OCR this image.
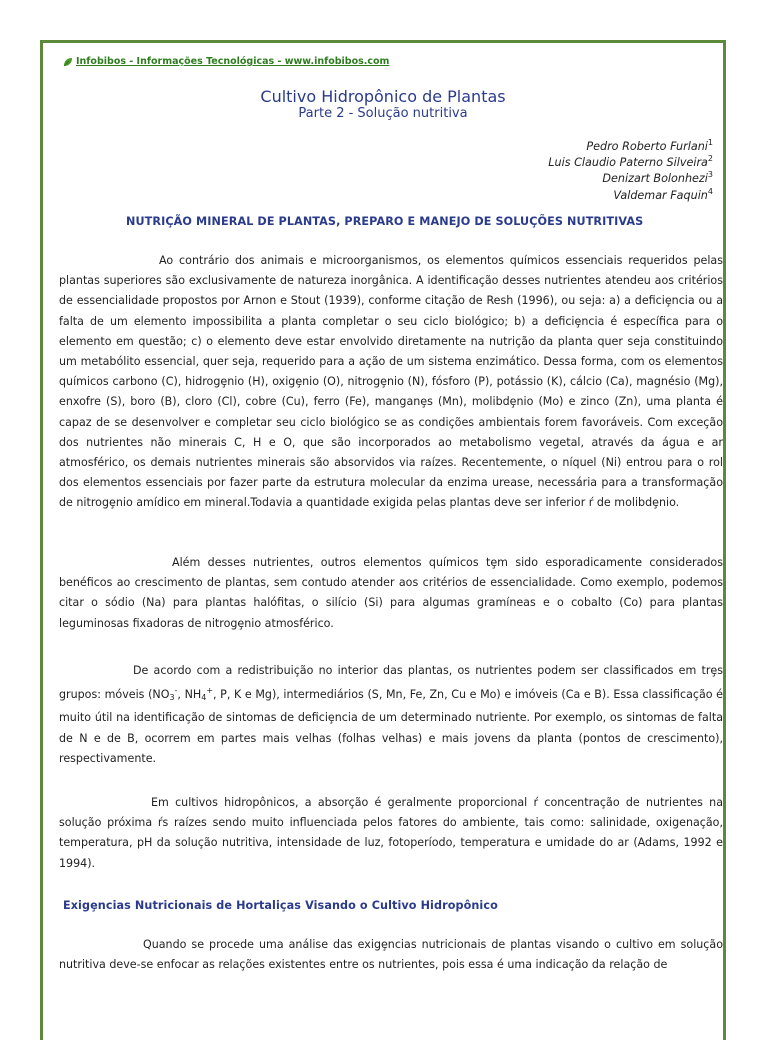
Infobibos - Informações Tecnológicas - www.infobibos.com
Cultivo Hidropônico de Plantas
Parte 2 - Solução nutritiva
Pedro Roberto Furlani$^1$
Luis Claudio Paterno Silveira$^2$
Denizart Bolonhezi$^3$
Valdemar Faquin$^4$
NUTRIÇÃO MINERAL DE PLANTAS, PREPARO E MANEJO DE SOLUÇÕES NUTRITIVAS

Ao contrário dos animais e microorganismos, os elementos químicos essenciais requeridos pelas plantas superiores são exclusivamente de natureza inorgânica. A identificação desses nutrientes atendeu aos critérios de essencialidade propostos por Arnon e Stout (1939), conforme citação de Resh (1996), ou seja: a) a deficiȩncia ou a falta de um elemento impossibilita a planta completar o seu ciclo biológico; b) a deficiȩncia é específica para o elemento em questão; c) o elemento deve estar envolvido diretamente na nutrição da planta quer seja constituindo um metabólito essencial, quer seja, requerido para a ação de um sistema enzimático. Dessa forma, com os elementos químicos carbono (C), hidrogȩnio (H), oxigȩnio (O), nitrogȩnio (N), fósforo (P), potássio (K), cálcio (Ca), magnésio (Mg), enxofre (S), boro (B), cloro (Cl), cobre (Cu), ferro (Fe), manganȩs (Mn), molibdȩnio (Mo) e zinco (Zn), uma planta é capaz de se desenvolver e completar seu ciclo biológico se as condições ambientais forem favoráveis. Com exceção dos nutrientes não minerais C, H e O, que são incorporados ao metabolismo vegetal, através da água e ar atmosférico, os demais nutrientes minerais são absorvidos via raízes. Recentemente, o níquel (Ni) entrou para o rol dos elementos essenciais por fazer parte da estrutura molecular da enzima urease, necessária para a transformação de nitrogȩnio amídico em mineral.Todavia a quantidade exigida pelas plantas deve ser inferior ŕ de molibdȩnio.

Além desses nutrientes, outros elementos químicos tȩm sido esporadicamente considerados benéficos ao crescimento de plantas, sem contudo atender aos critérios de essencialidade. Como exemplo, podemos citar o sódio (Na) para plantas halófitas, o silício (Si) para algumas gramíneas e o cobalto (Co) para plantas leguminosas fixadoras de nitrogȩnio atmosférico.

De acordo com a redistribuição no interior das plantas, os nutrientes podem ser classificados em trȩs grupos: móveis ($NO_3^-$, $NH_4^+$, P, K e Mg), intermediários (S, Mn, Fe, Zn, Cu e Mo) e imóveis (Ca e B). Essa classificação é muito útil na identificação de sintomas de deficiȩncia de um determinado nutriente. Por exemplo, os sintomas de falta de N e de B, ocorrem em partes mais velhas (folhas velhas) e mais jovens da planta (pontos de crescimento), respectivamente.

Em cultivos hidropônicos, a absorção é geralmente proporcional ŕ concentração de nutrientes na solução próxima ŕs raízes sendo muito influenciada pelos fatores do ambiente, tais como: salinidade, oxigenação, temperatura, pH da solução nutritiva, intensidade de luz, fotoperíodo, temperatura e umidade do ar (Adams, 1992 e 1994).

Exigȩncias Nutricionais de Hortaliças Visando o Cultivo Hidropônico

Quando se procede uma análise das exigȩncias nutricionais de plantas visando o cultivo em solução nutritiva deve-se enfocar as relações existentes entre os nutrientes, pois essa é uma indicação da relação de
